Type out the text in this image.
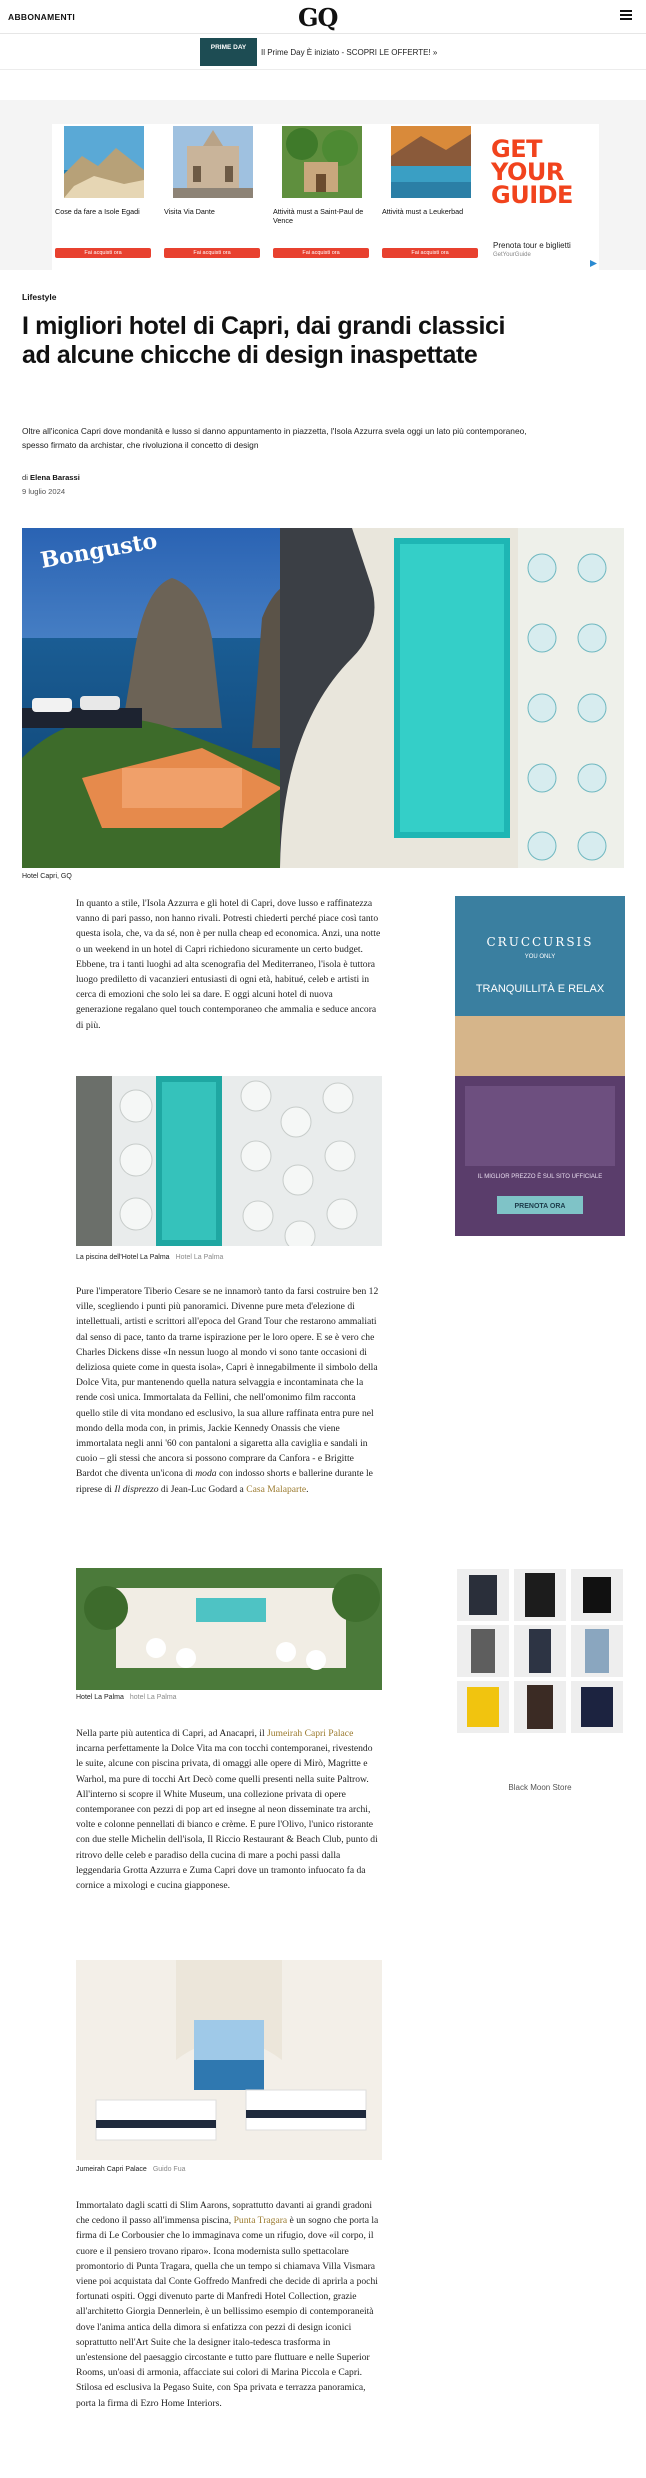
ABBONAMENTI	GQ
PRIME DAY
Il Prime Day È iniziato - SCOPRI LE OFFERTE! »
Cose da fare a Isole Egadi
Fai acquisti ora
Visita Via Dante
Fai acquisti ora
Attività must a Saint-Paul de Vence
Fai acquisti ora
Attività must a Leukerbad
Fai acquisti ora
GET YOUR GUIDE
Prenota tour e biglietti
GetYourGuide
Lifestyle
I migliori hotel di Capri, dai grandi classici ad alcune chicche di design inaspettate

Oltre all'iconica Capri dove mondanità e lusso si danno appuntamento in piazzetta, l'Isola Azzurra svela oggi un lato più contemporaneo, spesso firmato da archistar, che rivoluziona il concetto di design

di Elena Barassi
9 luglio 2024
Bongusto
Hotel Capri, GQ

In quanto a stile, l'Isola Azzurra e gli hotel di Capri, dove lusso e raffinatezza vanno di pari passo, non hanno rivali. Potresti chiederti perché piace così tanto questa isola, che, va da sé, non è per nulla cheap ed economica. Anzi, una notte o un weekend in un hotel di Capri richiedono sicuramente un certo budget. Ebbene, tra i tanti luoghi ad alta scenografia del Mediterraneo, l'isola è tuttora luogo prediletto di vacanzieri entusiasti di ogni età, habitué, celeb e artisti in cerca di emozioni che solo lei sa dare. E oggi alcuni hotel di nuova generazione regalano quel touch contemporaneo che ammalia e seduce ancora di più.

La piscina dell'Hotel La Palma Hotel La Palma

Pure l'imperatore Tiberio Cesare se ne innamorò tanto da farsi costruire ben 12 ville, scegliendo i punti più panoramici. Divenne pure meta d'elezione di intellettuali, artisti e scrittori all'epoca del Grand Tour che restarono ammaliati dal senso di pace, tanto da trarne ispirazione per le loro opere. E se è vero che Charles Dickens disse «In nessun luogo al mondo vi sono tante occasioni di deliziosa quiete come in questa isola», Capri è innegabilmente il simbolo della Dolce Vita, pur mantenendo quella natura selvaggia e incontaminata che la rende così unica. Immortalata da Fellini, che nell'omonimo film racconta quello stile di vita mondano ed esclusivo, la sua allure raffinata entra pure nel mondo della moda con, in primis, Jackie Kennedy Onassis che viene immortalata negli anni '60 con pantaloni a sigaretta alla caviglia e sandali in cuoio – gli stessi che ancora si possono comprare da Canfora - e Brigitte Bardot che diventa un'icona di moda con indosso shorts e ballerine durante le riprese di Il disprezzo di Jean-Luc Godard a Casa Malaparte.

Hotel La Palma hotel La Palma

Nella parte più autentica di Capri, ad Anacapri, il Jumeirah Capri Palace incarna perfettamente la Dolce Vita ma con tocchi contemporanei, rivestendo le suite, alcune con piscina privata, di omaggi alle opere di Mirò, Magritte e Warhol, ma pure di tocchi Art Decò come quelli presenti nella suite Paltrow. All'interno si scopre il White Museum, una collezione privata di opere contemporanee con pezzi di pop art ed insegne al neon disseminate tra archi, volte e colonne pennellati di bianco e crème. E pure l'Olivo, l'unico ristorante con due stelle Michelin dell'isola, Il Riccio Restaurant & Beach Club, punto di ritrovo delle celeb e paradiso della cucina di mare a pochi passi dalla leggendaria Grotta Azzurra e Zuma Capri dove un tramonto infuocato fa da cornice a mixologi e cucina giapponese.

Jumeirah Capri Palace Guido Fua

Immortalato dagli scatti di Slim Aarons, soprattutto davanti ai grandi gradoni che cedono il passo all'immensa piscina, Punta Tragara è un sogno che porta la firma di Le Corbousier che lo immaginava come un rifugio, dove «il corpo, il cuore e il pensiero trovano riparo». Icona modernista sullo spettacolare promontorio di Punta Tragara, quella che un tempo si chiamava Villa Vismara viene poi acquistata dal Conte Goffredo Manfredi che decide di aprirla a pochi fortunati ospiti. Oggi divenuto parte di Manfredi Hotel Collection, grazie all'architetto Giorgia Dennerlein, è un bellissimo esempio di contemporaneità dove l'anima antica della dimora si enfatizza con pezzi di design iconici soprattutto nell'Art Suite che la designer italo-tedesca trasforma in un'estensione del paesaggio circostante e tutto pare fluttuare e nelle Superior Rooms, un'oasi di armonia, affacciate sui colori di Marina Piccola e Capri. Stilosa ed esclusiva la Pegaso Suite, con Spa privata e terrazza panoramica, porta la firma di Ezro Home Interiors.

CRUCCURSIS
YOU ONLY
TRANQUILLITÀ E RELAX
IL MIGLIOR PREZZO È SUL SITO UFFICIALE
PRENOTA ORA
Black Moon Store
